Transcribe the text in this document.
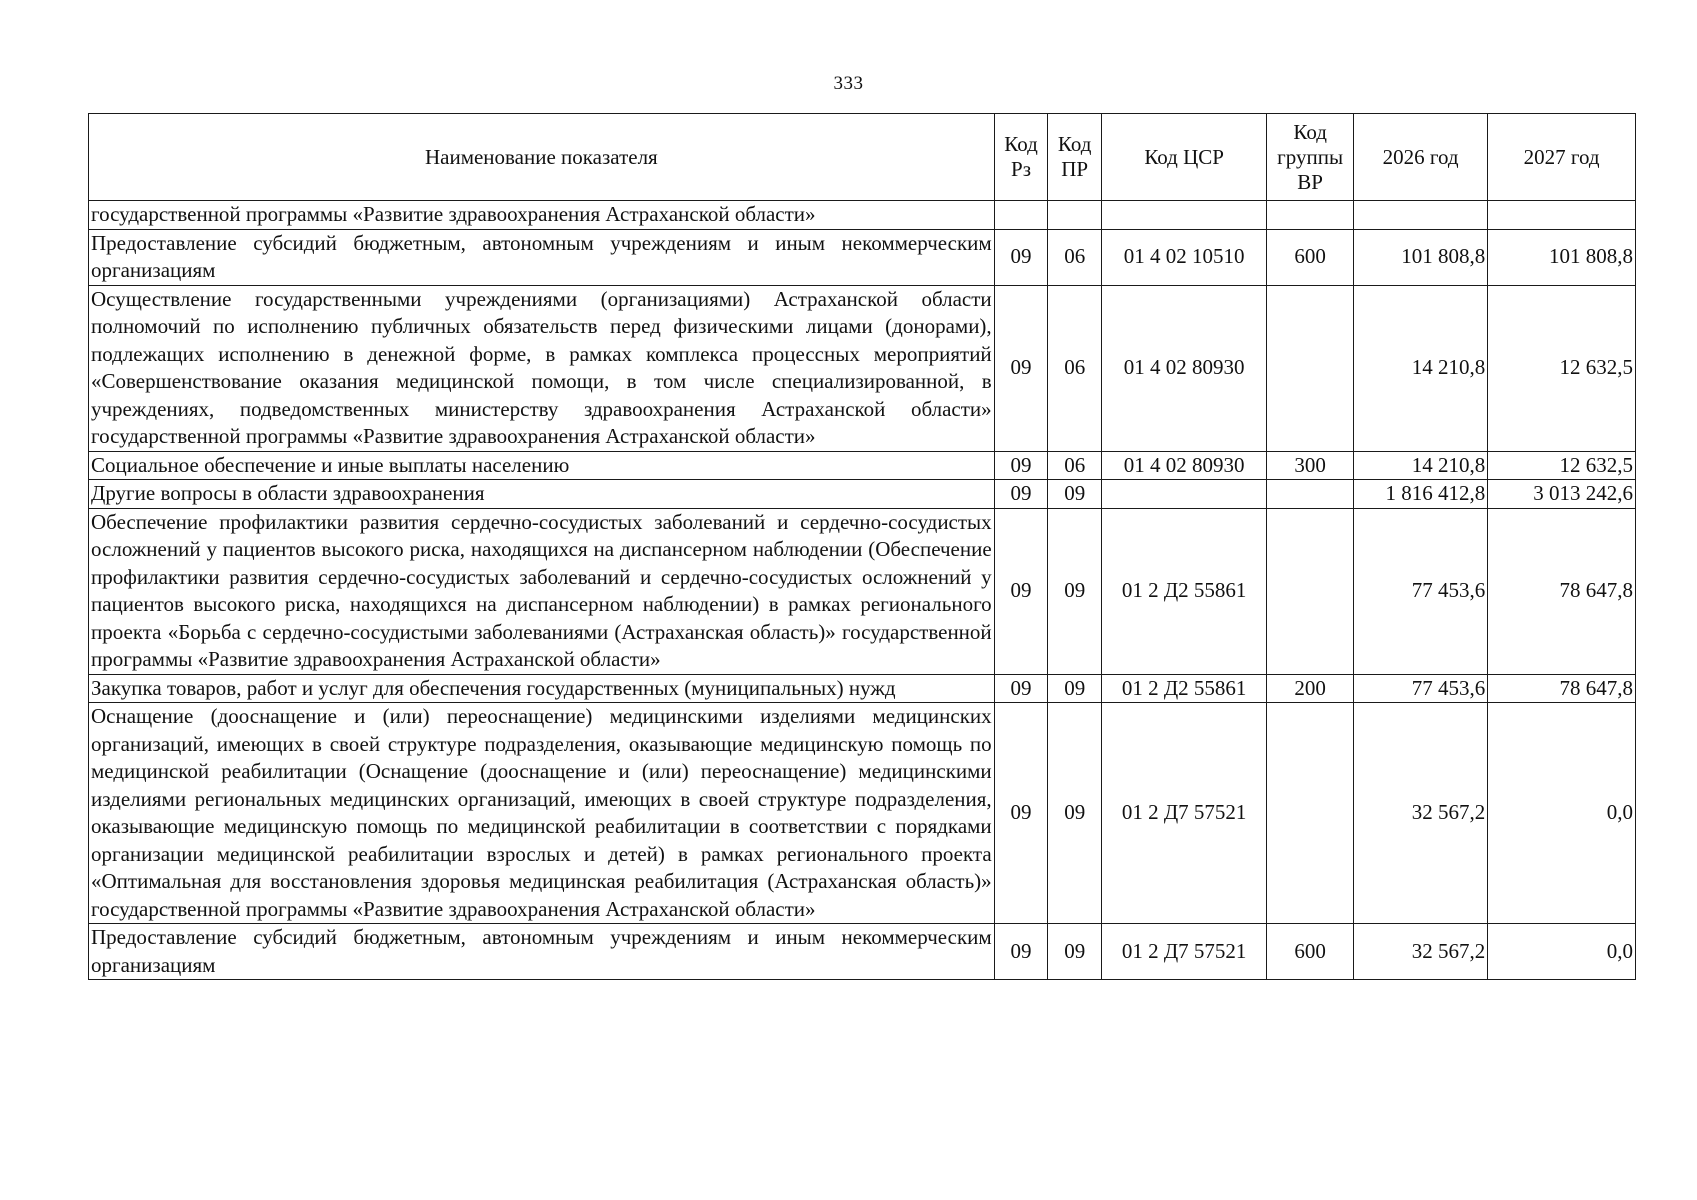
333
Наименование показателя	Код Рз	Код ПР	Код ЦСР	Код группы ВР	2026 год	2027 год
государственной программы «Развитие здравоохранения Астраханской области»						
Предоставление субсидий бюджетным, автономным учреждениям и иным некоммерческим организациям	09	06	01 4 02 10510	600	101 808,8	101 808,8
Осуществление государственными учреждениями (организациями) Астраханской области полномочий по исполнению публичных обязательств перед физическими лицами (донорами), подлежащих исполнению в денежной форме, в рамках комплекса процессных мероприятий «Совершенствование оказания медицинской помощи, в том числе специализированной, в учреждениях, подведомственных министерству здравоохранения Астраханской области» государственной программы «Развитие здравоохранения Астраханской области»	09	06	01 4 02 80930		14 210,8	12 632,5
Социальное обеспечение и иные выплаты населению	09	06	01 4 02 80930	300	14 210,8	12 632,5
Другие вопросы в области здравоохранения	09	09			1 816 412,8	3 013 242,6
Обеспечение профилактики развития сердечно-сосудистых заболеваний и сердечно-сосудистых осложнений у пациентов высокого риска, находящихся на диспансерном наблюдении (Обеспечение профилактики развития сердечно-сосудистых заболеваний и сердечно-сосудистых осложнений у пациентов высокого риска, находящихся на диспансерном наблюдении) в рамках регионального проекта «Борьба с сердечно-сосудистыми заболеваниями (Астраханская область)» государственной программы «Развитие здравоохранения Астраханской области»	09	09	01 2 Д2 55861		77 453,6	78 647,8
Закупка товаров, работ и услуг для обеспечения государственных (муниципальных) нужд	09	09	01 2 Д2 55861	200	77 453,6	78 647,8
Оснащение (дооснащение и (или) переоснащение) медицинскими изделиями медицинских организаций, имеющих в своей структуре подразделения, оказывающие медицинскую помощь по медицинской реабилитации (Оснащение (дооснащение и (или) переоснащение) медицинскими изделиями региональных медицинских организаций, имеющих в своей структуре подразделения, оказывающие медицинскую помощь по медицинской реабилитации в соответствии с порядками организации медицинской реабилитации взрослых и детей) в рамках регионального проекта «Оптимальная для восстановления здоровья медицинская реабилитация (Астраханская область)» государственной программы «Развитие здравоохранения Астраханской области»	09	09	01 2 Д7 57521		32 567,2	0,0
Предоставление субсидий бюджетным, автономным учреждениям и иным некоммерческим организациям	09	09	01 2 Д7 57521	600	32 567,2	0,0
